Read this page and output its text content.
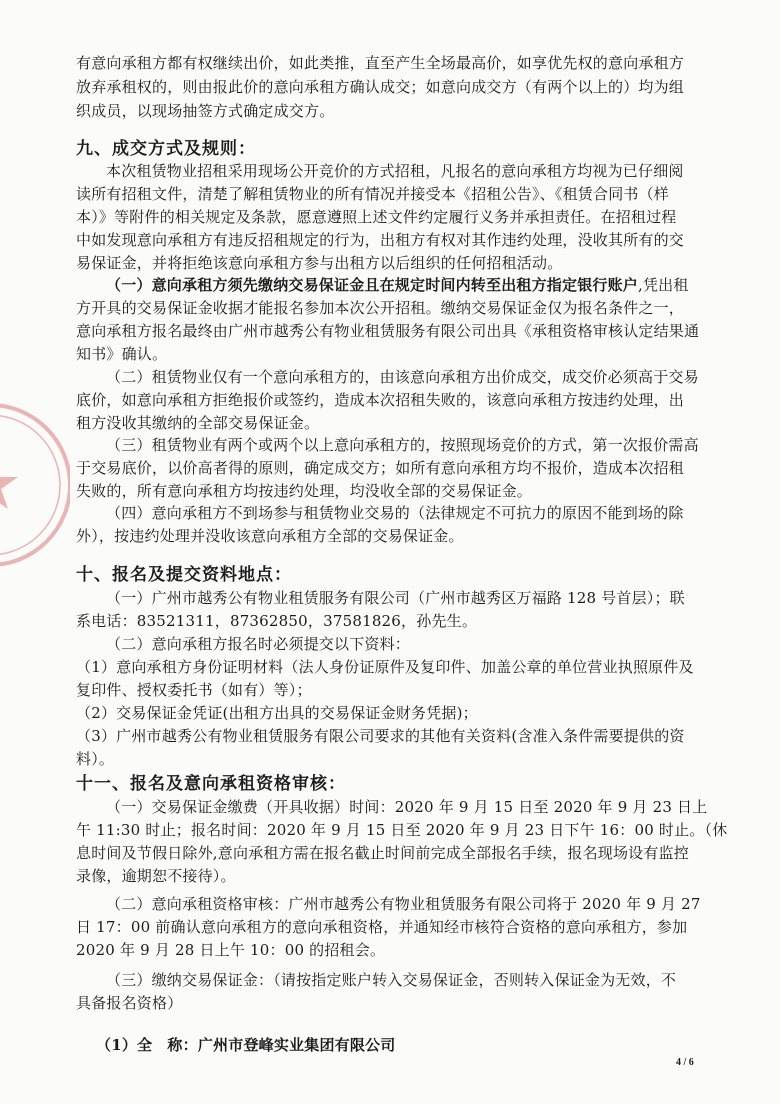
有意向承租方都有权继续出价，如此类推，直至产生全场最高价，如享优先权的意向承租方
放弃承租权的，则由报此价的意向承租方确认成交；如意向成交方（有两个以上的）均为组
织成员，以现场抽签方式确定成交方。
九、成交方式及规则：
本次租赁物业招租采用现场公开竞价的方式招租，凡报名的意向承租方均视为已仔细阅
读所有招租文件，清楚了解租赁物业的所有情况并接受本《招租公告》、《租赁合同书（样
本）》等附件的相关规定及条款，愿意遵照上述文件约定履行义务并承担责任。在招租过程
中如发现意向承租方有违反招租规定的行为，出租方有权对其作违约处理，没收其所有的交
易保证金，并将拒绝该意向承租方参与出租方以后组织的任何招租活动。
（一）意向承租方须先缴纳交易保证金且在规定时间内转至出租方指定银行账户,凭出租
方开具的交易保证金收据才能报名参加本次公开招租。缴纳交易保证金仅为报名条件之一，
意向承租方报名最终由广州市越秀公有物业租赁服务有限公司出具《承租资格审核认定结果通
知书》确认。
（二）租赁物业仅有一个意向承租方的，由该意向承租方出价成交，成交价必须高于交易
底价，如意向承租方拒绝报价或签约，造成本次招租失败的，该意向承租方按违约处理，出
租方没收其缴纳的全部交易保证金。
（三）租赁物业有两个或两个以上意向承租方的，按照现场竞价的方式，第一次报价需高
于交易底价，以价高者得的原则，确定成交方；如所有意向承租方均不报价，造成本次招租
失败的，所有意向承租方均按违约处理，均没收全部的交易保证金。
（四）意向承租方不到场参与租赁物业交易的（法律规定不可抗力的原因不能到场的除
外），按违约处理并没收该意向承租方全部的交易保证金。
十、报名及提交资料地点：
（一）广州市越秀公有物业租赁服务有限公司（广州市越秀区万福路 128 号首层）；联
系电话：83521311，87362850，37581826，孙先生。
（二）意向承租方报名时必须提交以下资料：
（1）意向承租方身份证明材料（法人身份证原件及复印件、加盖公章的单位营业执照原件及
复印件、授权委托书（如有）等）；
（2）交易保证金凭证(出租方出具的交易保证金财务凭据)；
（3）广州市越秀公有物业租赁服务有限公司要求的其他有关资料(含准入条件需要提供的资
料）。
十一、报名及意向承租资格审核：
（一）交易保证金缴费（开具收据）时间：2020 年 9 月 15 日至 2020 年 9 月 23 日上
午 11:30 时止；报名时间：2020 年 9 月 15 日至 2020 年 9 月 23 日下午 16：00 时止。（休
息时间及节假日除外,意向承租方需在报名截止时间前完成全部报名手续，报名现场设有监控
录像，逾期恕不接待）。
（二）意向承租资格审核：广州市越秀公有物业租赁服务有限公司将于 2020 年 9 月 27
日 17：00 前确认意向承租方的意向承租资格，并通知经市核符合资格的意向承租方，参加
2020 年 9 月 28 日上午 10：00 的招租会。
（三）缴纳交易保证金：（请按指定账户转入交易保证金，否则转入保证金为无效，不
具备报名资格）
（1）全　称：广州市登峰实业集团有限公司
4 / 6
